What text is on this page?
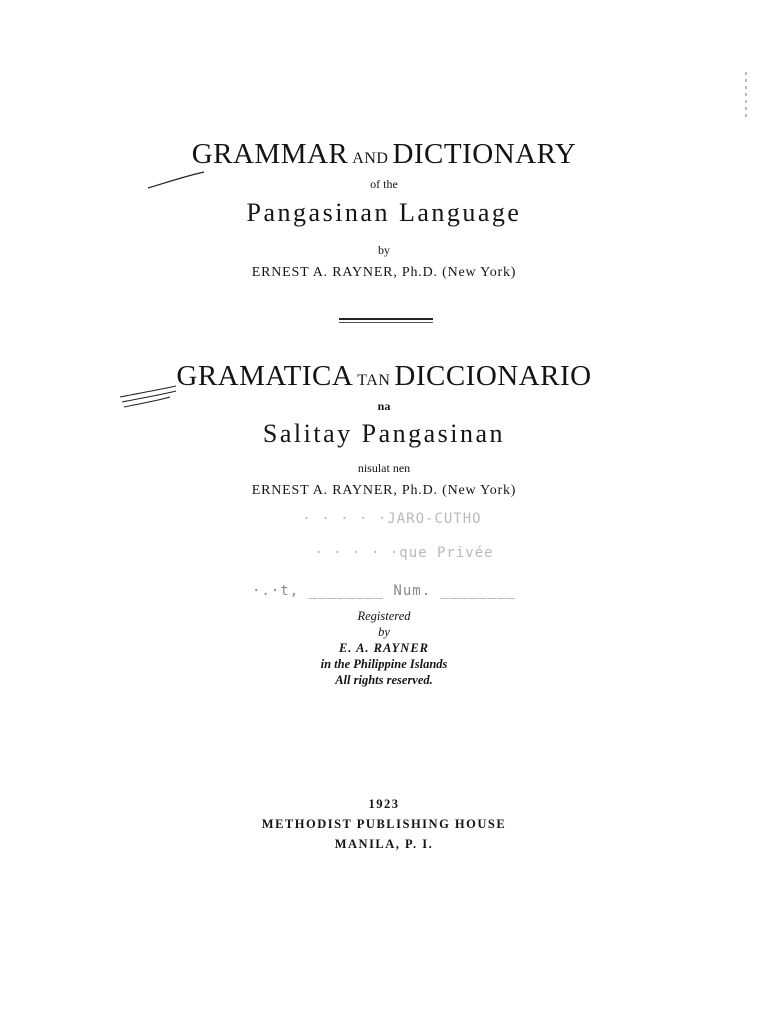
GRAMMAR AND DICTIONARY
of the
Pangasinan Language
by
ERNEST A. RAYNER, Ph.D. (New York)
GRAMATICA TAN DICCIONARIO
na
Salitay Pangasinan
nisulat nen
ERNEST A. RAYNER, Ph.D. (New York)
· · · · ·JARO-CUTHO
· · · · ·que Privée
·.·t, ________ Num. ________
Registered
by
E. A. RAYNER
in the Philippine Islands
All rights reserved.
1923
METHODIST PUBLISHING HOUSE
MANILA, P. I.
